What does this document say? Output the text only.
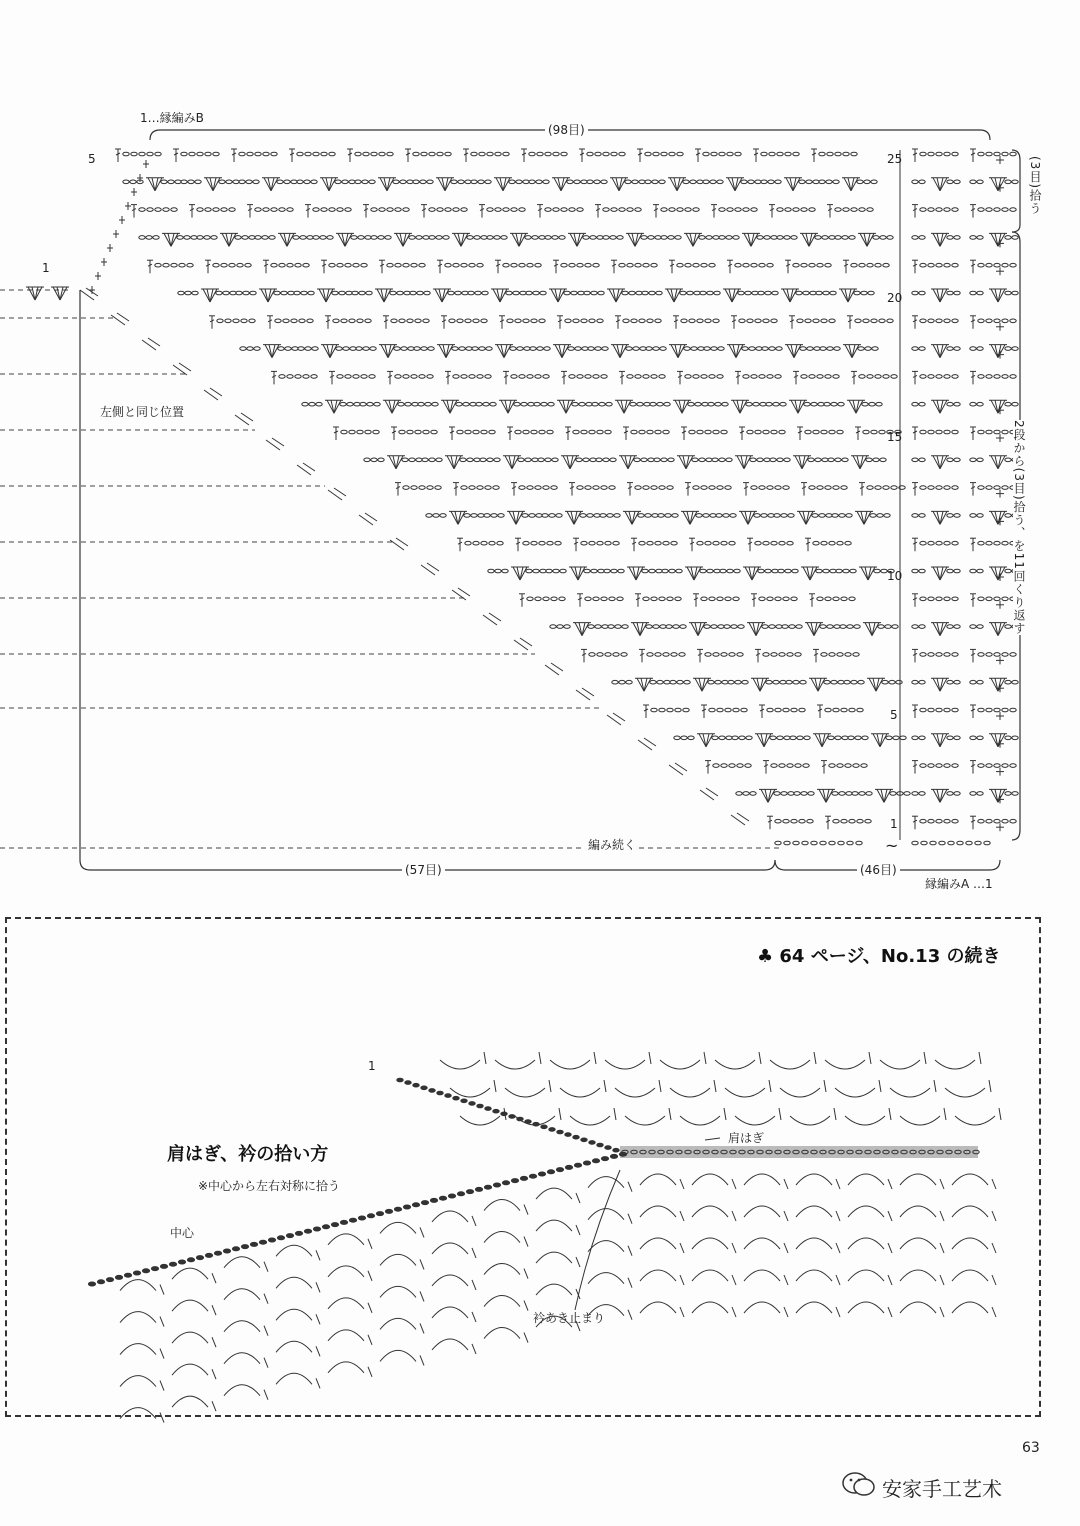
1…縁編みB
(98目)
5
1
左側と同じ位置
編み続く	~
(57目)	(46目)
縁編みA …1
(3目)拾う
2段から(3目)拾う、を11回くり返す
25
20
15
10
5
1
♣ 64 ページ、No.13 の続き
肩はぎ、衿の拾い方
※中心から左右対称に拾う
中心
肩はぎ
衿あき止まり
1
63
安家手工艺术
